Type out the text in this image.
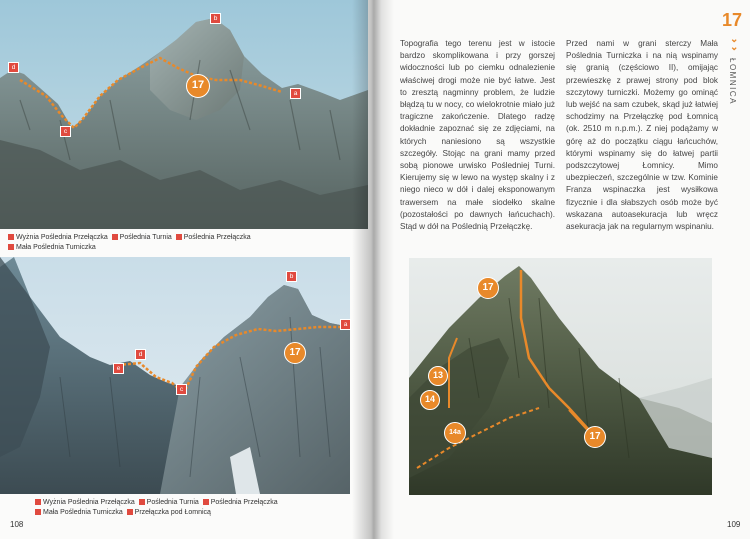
17
b
a
d
c
Wyżnia Poślednia Przełączka Poślednia Turnia Poślednia Przełączka
Mała Poślednia Turniczka
17
b
a
d
e
c
Wyżnia Poślednia Przełączka Poślednia Turnia Poślednia Przełączka
Mała Poślednia Turniczka Przełączka pod Łomnicą
108
17
⌄
⌄
ŁOMNICA

Topografia tego terenu jest w istocie bardzo skomplikowana i przy gorszej widoczności lub po ciemku odnalezienie właściwej drogi może nie być łatwe. Jest to zresztą nagminny problem, że ludzie błądzą tu w nocy, co wielokrotnie miało już tragiczne zakończenie. Dlatego radzę dokładnie zapoznać się ze zdjęciami, na których naniesiono są wszystkie szczegóły. Stojąc na grani mamy przed sobą pionowe urwisko Pośledniej Turni. Kierujemy się w lewo na występ skalny i z niego nieco w dół i dalej eksponowanym trawersem na małe siodełko skalne (pozostałości po dawnych łańcuchach). Stąd w dół na Poślednią Przełączkę.

Przed nami w grani sterczy Mała Poślednia Turniczka i na nią wspinamy się granią (częściowo II), omijając przewieszkę z prawej strony pod blok szczytowy turniczki. Możemy go ominąć lub wejść na sam czubek, skąd już łatwiej schodzimy na Przełączkę pod Łomnicą (ok. 2510 m n.p.m.). Z niej podążamy w górę aż do początku ciągu łańcuchów, którymi wspinamy się do łatwej partii podszczytowej Łomnicy. Mimo ubezpieczeń, szczególnie w tzw. Kominie Franza wspinaczka jest wysiłkowa fizycznie i dla słabszych osób może być wskazana autoasekuracja lub wręcz asekuracja jak na regularnym wspinaniu.

17
17
13
14
14a
109
